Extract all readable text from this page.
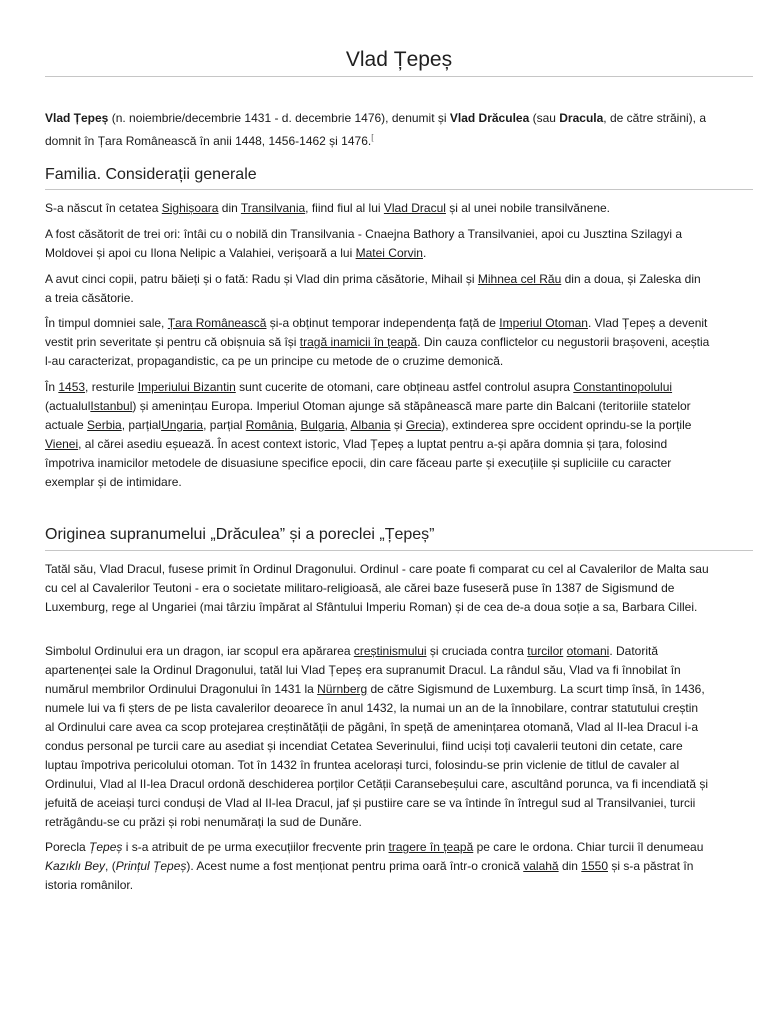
Vlad Țepeș

Vlad Țepeș (n. noiembrie/decembrie 1431 - d. decembrie 1476), denumit și Vlad Drăculea (sau Dracula, de către străini), a domnit în Țara Românească în anii 1448, 1456-1462 și 1476.[

Familia. Considerații generale

S-a născut în cetatea Sighișoara din Transilvania, fiind fiul al lui Vlad Dracul și al unei nobile transilvănene.

A fost căsătorit de trei ori: întâi cu o nobilă din Transilvania - Cnaejna Bathory a Transilvaniei, apoi cu Jusztina Szilagyi a Moldovei și apoi cu Ilona Nelipic a Valahiei, verișoară a lui Matei Corvin.

A avut cinci copii, patru băieți și o fată: Radu și Vlad din prima căsătorie, Mihail și Mihnea cel Rău din a doua, și Zaleska din a treia căsătorie.

În timpul domniei sale, Țara Românească și-a obținut temporar independența față de Imperiul Otoman. Vlad Țepeș a devenit vestit prin severitate și pentru că obișnuia să își tragă inamicii în țeapă. Din cauza conflictelor cu negustorii brașoveni, aceștia l-au caracterizat, propagandistic, ca pe un principe cu metode de o cruzime demonică.

În 1453, resturile Imperiului Bizantin sunt cucerite de otomani, care obțineau astfel controlul asupra Constantinopolului (actualulIstanbul) și amenințau Europa. Imperiul Otoman ajunge să stăpânească mare parte din Balcani (teritoriile statelor actuale Serbia, parțialUngaria, parțial România, Bulgaria, Albania și Grecia), extinderea spre occident oprindu-se la porțile Vienei, al cărei asediu eșuează. În acest context istoric, Vlad Țepeș a luptat pentru a-și apăra domnia și țara, folosind împotriva inamicilor metodele de disuasiune specifice epocii, din care făceau parte și execuțiile și supliciile cu caracter exemplar și de intimidare.

Originea supranumelui „Drăculea” și a poreclei „Țepeș”

Tatăl său, Vlad Dracul, fusese primit în Ordinul Dragonului. Ordinul - care poate fi comparat cu cel al Cavalerilor de Malta sau cu cel al Cavalerilor Teutoni - era o societate militaro-religioasă, ale cărei baze fuseseră puse în 1387 de Sigismund de Luxemburg, rege al Ungariei (mai târziu împărat al Sfântului Imperiu Roman) și de cea de-a doua soție a sa, Barbara Cillei.

Simbolul Ordinului era un dragon, iar scopul era apărarea creștinismului și cruciada contra turcilor otomani. Datorită apartenenței sale la Ordinul Dragonului, tatăl lui Vlad Țepeș era supranumit Dracul. La rândul său, Vlad va fi înnobilat în numărul membrilor Ordinului Dragonului în 1431 la Nürnberg de către Sigismund de Luxemburg. La scurt timp însă, în 1436, numele lui va fi șters de pe lista cavalerilor deoarece în anul 1432, la numai un an de la înnobilare, contrar statutului creștin al Ordinului care avea ca scop protejarea creștinătății de păgâni, în speță de amenințarea otomană, Vlad al II-lea Dracul i-a condus personal pe turcii care au asediat și incendiat Cetatea Severinului, fiind uciși toți cavalerii teutoni din cetate, care luptau împotriva pericolului otoman. Tot în 1432 în fruntea acelorași turci, folosindu-se prin viclenie de titlul de cavaler al Ordinului, Vlad al II-lea Dracul ordonă deschiderea porților Cetății Caransebeșului care, ascultând porunca, va fi incendiată și jefuită de aceiași turci conduși de Vlad al II-lea Dracul, jaf și pustiire care se va întinde în întregul sud al Transilvaniei, turcii retrăgându-se cu prăzi și robi nenumărați la sud de Dunăre.

Porecla Țepeș i s-a atribuit de pe urma execuțiilor frecvente prin tragere în țeapă pe care le ordona. Chiar turcii îl denumeau Kazıklı Bey, (Prințul Țepeș). Acest nume a fost menționat pentru prima oară într-o cronică valahă din 1550 și s-a păstrat în istoria românilor.
